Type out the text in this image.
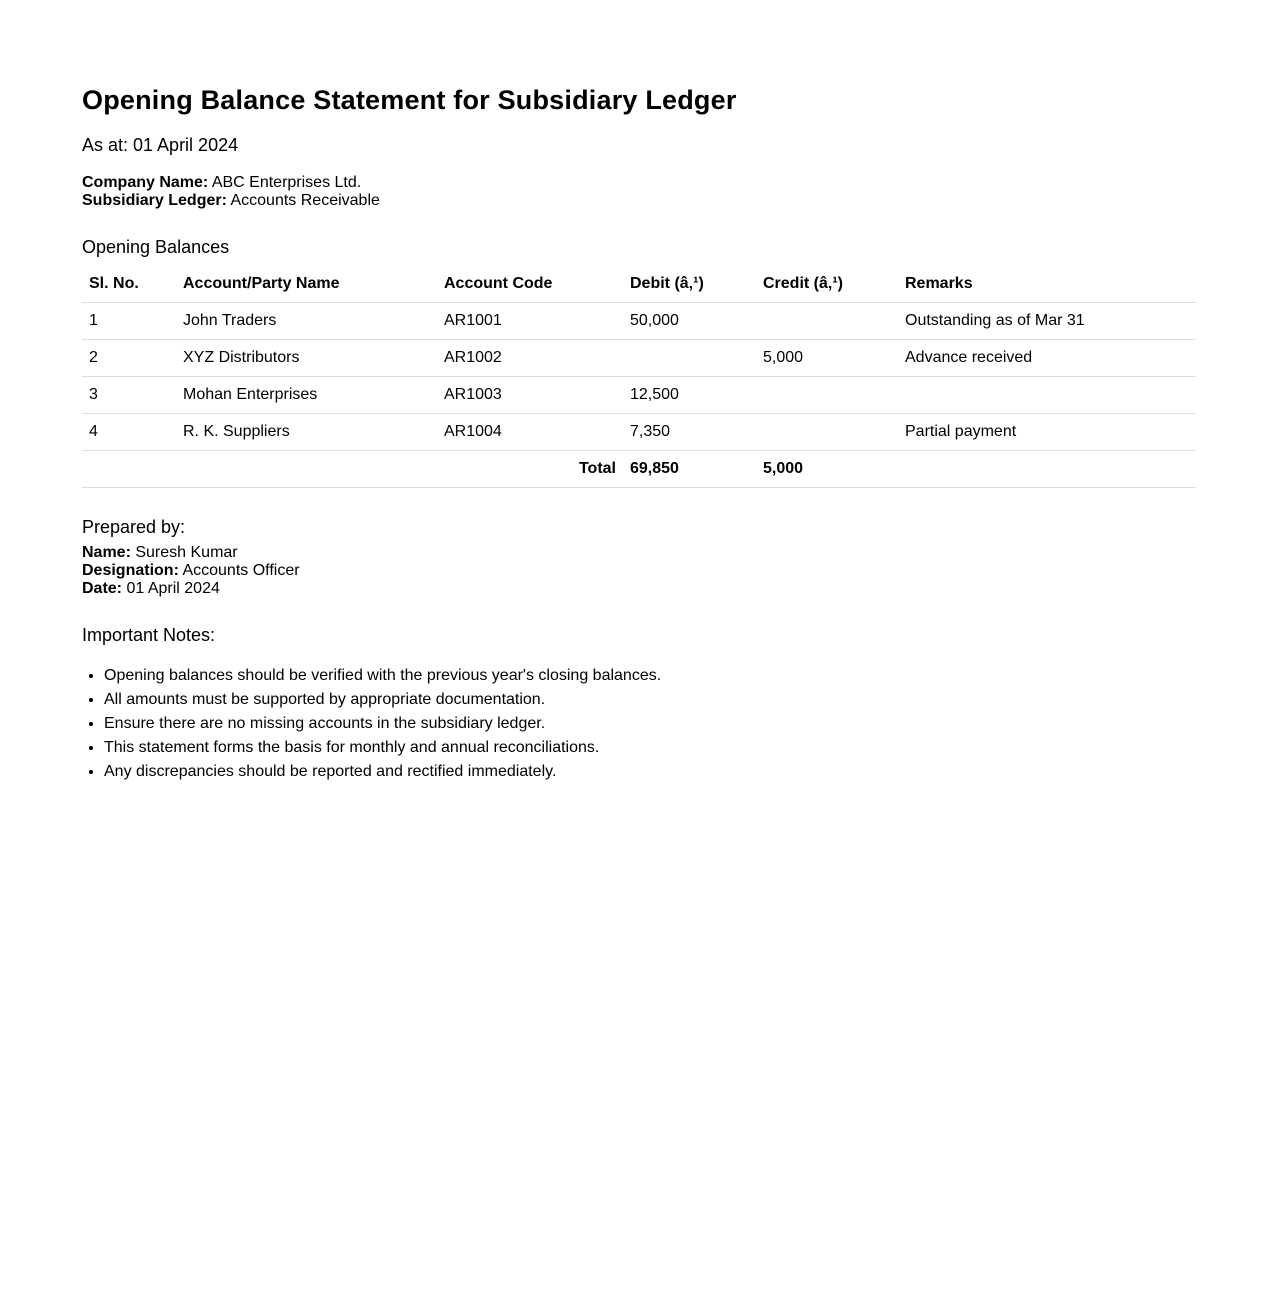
Opening Balance Statement for Subsidiary Ledger
As at: 01 April 2024
Company Name: ABC Enterprises Ltd.
Subsidiary Ledger: Accounts Receivable
Opening Balances
Sl. No.	Account/Party Name	Account Code	Debit (â‚¹)	Credit (â‚¹)	Remarks
1	John Traders	AR1001	50,000		Outstanding as of Mar 31
2	XYZ Distributors	AR1002		5,000	Advance received
3	Mohan Enterprises	AR1003	12,500		
4	R. K. Suppliers	AR1004	7,350		Partial payment
Total			69,850	5,000	
Prepared by:
Name: Suresh Kumar
Designation: Accounts Officer
Date: 01 April 2024
Important Notes:
• Opening balances should be verified with the previous year's closing balances.
• All amounts must be supported by appropriate documentation.
• Ensure there are no missing accounts in the subsidiary ledger.
• This statement forms the basis for monthly and annual reconciliations.
• Any discrepancies should be reported and rectified immediately.
